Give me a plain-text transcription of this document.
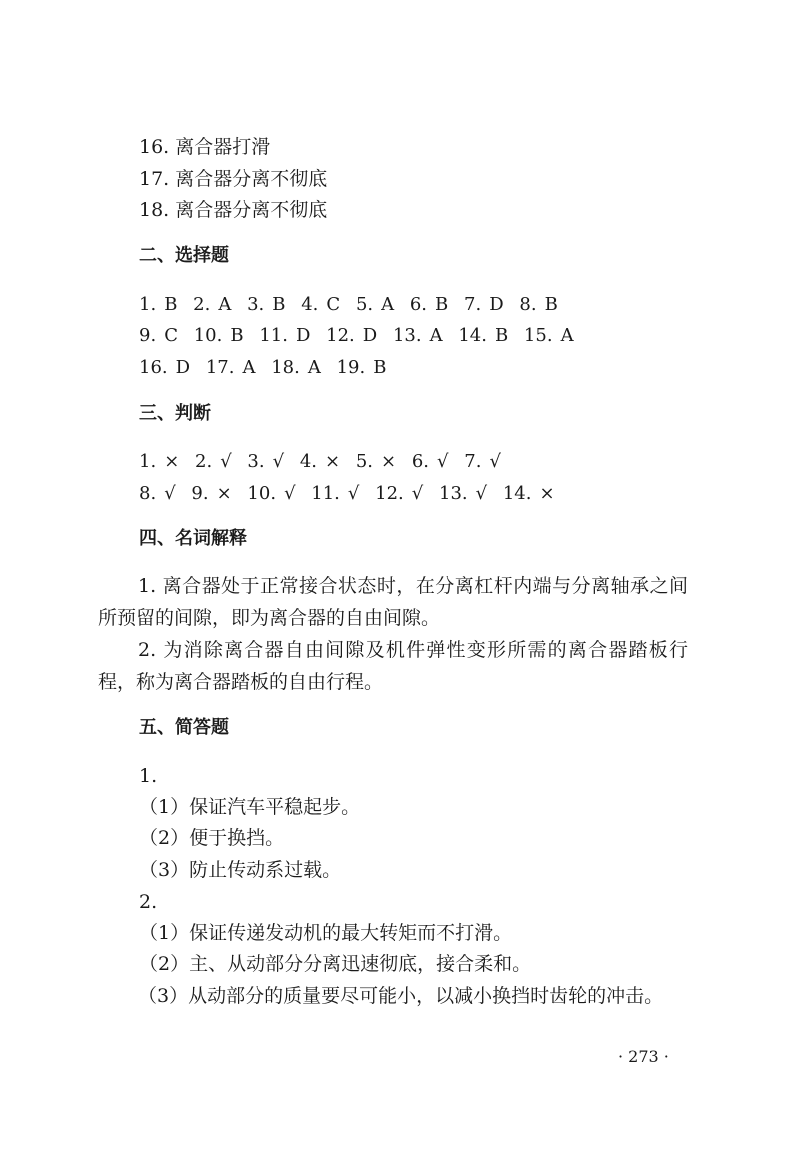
16. 离合器打滑
17. 离合器分离不彻底
18. 离合器分离不彻底
二、选择题
1. B 2. A 3. B 4. C 5. A 6. B 7. D 8. B
9. C 10. B 11. D 12. D 13. A 14. B 15. A
16. D 17. A 18. A 19. B
三、判断
1. × 2. √ 3. √ 4. × 5. × 6. √ 7. √
8. √ 9. × 10. √ 11. √ 12. √ 13. √ 14. ×
四、名词解释
1. 离合器处于正常接合状态时，在分离杠杆内端与分离轴承之间所预留的间隙，即为离合器的自由间隙。
2. 为消除离合器自由间隙及机件弹性变形所需的离合器踏板行程，称为离合器踏板的自由行程。
五、简答题
1.
（1）保证汽车平稳起步。
（2）便于换挡。
（3）防止传动系过载。
2.
（1）保证传递发动机的最大转矩而不打滑。
（2）主、从动部分分离迅速彻底，接合柔和。
（3）从动部分的质量要尽可能小，以减小换挡时齿轮的冲击。
· 273 ·
